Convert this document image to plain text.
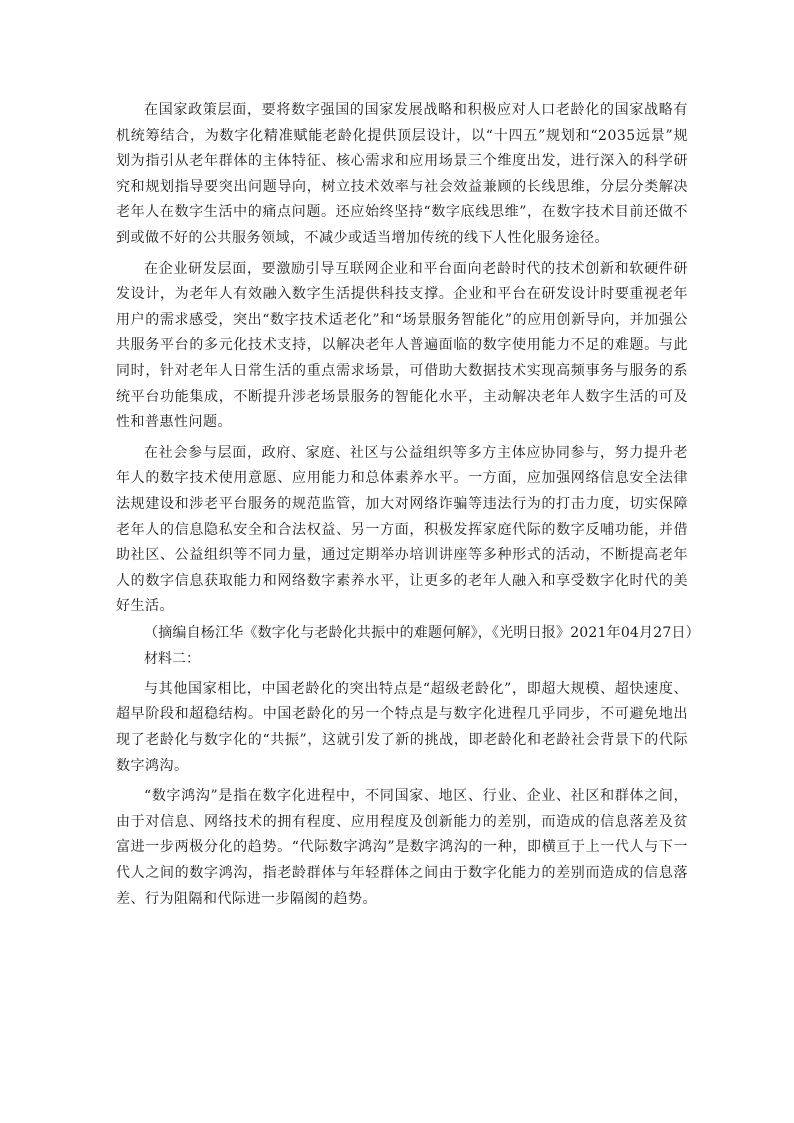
在国家政策层面，要将数字强国的国家发展战略和积极应对人口老龄化的国家战略有机统筹结合，为数字化精准赋能老龄化提供顶层设计，以“十四五”规划和“2035远景”规划为指引从老年群体的主体特征、核心需求和应用场景三个维度出发，进行深入的科学研究和规划指导要突出问题导向，树立技术效率与社会效益兼顾的长线思维，分层分类解决老年人在数字生活中的痛点问题。还应始终坚持“数字底线思维”，在数字技术目前还做不到或做不好的公共服务领域，不减少或适当增加传统的线下人性化服务途径。

在企业研发层面，要激励引导互联网企业和平台面向老龄时代的技术创新和软硬件研发设计，为老年人有效融入数字生活提供科技支撑。企业和平台在研发设计时要重视老年用户的需求感受，突出“数字技术适老化”和“场景服务智能化”的应用创新导向，并加强公共服务平台的多元化技术支持，以解决老年人普遍面临的数字使用能力不足的难题。与此同时，针对老年人日常生活的重点需求场景，可借助大数据技术实现高频事务与服务的系统平台功能集成，不断提升涉老场景服务的智能化水平，主动解决老年人数字生活的可及性和普惠性问题。

在社会参与层面，政府、家庭、社区与公益组织等多方主体应协同参与，努力提升老年人的数字技术使用意愿、应用能力和总体素养水平。一方面，应加强网络信息安全法律法规建设和涉老平台服务的规范监管，加大对网络诈骗等违法行为的打击力度，切实保障老年人的信息隐私安全和合法权益、另一方面，积极发挥家庭代际的数字反哺功能，并借助社区、公益组织等不同力量，通过定期举办培训讲座等多种形式的活动，不断提高老年人的数字信息获取能力和网络数字素养水平，让更多的老年人融入和享受数字化时代的美好生活。

（摘编自杨江华《数字化与老龄化共振中的难题何解》，《光明日报》2021年04月27日）

材料二：

与其他国家相比，中国老龄化的突出特点是“超级老龄化”，即超大规模、超快速度、超早阶段和超稳结构。中国老龄化的另一个特点是与数字化进程几乎同步，不可避免地出现了老龄化与数字化的“共振”，这就引发了新的挑战，即老龄化和老龄社会背景下的代际数字鸿沟。

“数字鸿沟”是指在数字化进程中，不同国家、地区、行业、企业、社区和群体之间，由于对信息、网络技术的拥有程度、应用程度及创新能力的差别，而造成的信息落差及贫富进一步两极分化的趋势。“代际数字鸿沟”是数字鸿沟的一种，即横亘于上一代人与下一代人之间的数字鸿沟，指老龄群体与年轻群体之间由于数字化能力的差别而造成的信息落差、行为阻隔和代际进一步隔阂的趋势。
